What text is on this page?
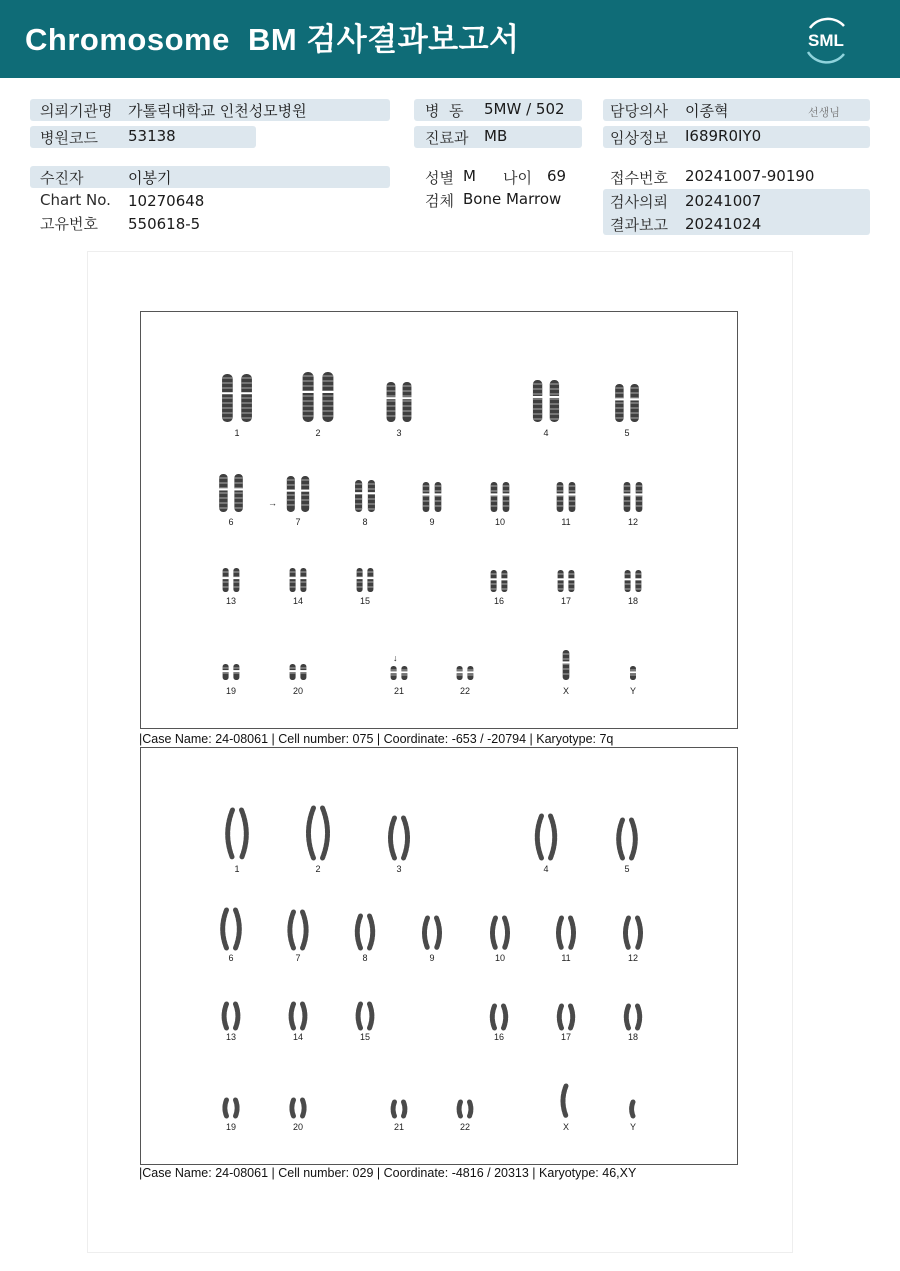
Chromosome  BM 검사결과보고서	SML
의뢰기관명 가톨릭대학교 인천성모병원
병원코드 53138
수진자	이봉기
Chart No. 10270648
고유번호 550618-5
병  동 5MW / 502
진료과 MB
성별 M 나이 69
검체 Bone Marrow
담당의사 이종혁	선생님
임상정보 I689R0IY0
접수번호 20241007-90190
검사의뢰 20241007
결과보고 20241024
1	2	3	4	5
6	7	8	9	10	11	12
13	14	15	16	17	18
19	20	21	22	X	Y
→
↓
|Case Name: 24-08061 | Cell number: 075 | Coordinate: -653 / -20794 | Karyotype: 7q
1	2	3	4	5
6	7	8	9	10	11	12
13	14	15	16	17	18
19	20	21	22	X	Y
|Case Name: 24-08061 | Cell number: 029 | Coordinate: -4816 / 20313 | Karyotype: 46,XY
